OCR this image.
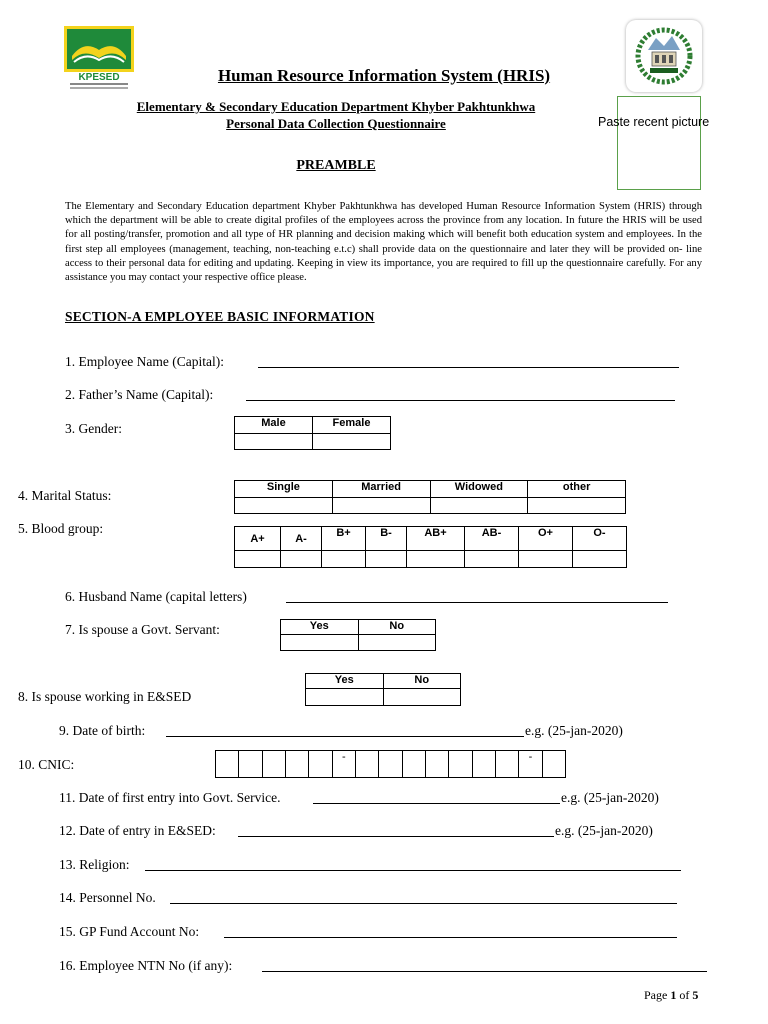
KPESED
Paste recent picture
Human Resource Information System (HRIS)
Elementary & Secondary Education Department Khyber Pakhtunkhwa
Personal Data Collection Questionnaire
PREAMBLE
The Elementary and Secondary Education department Khyber Pakhtunkhwa has developed Human Resource Information System (HRIS) through which the department will be able to create digital profiles of the employees across the province from any location. In future the HRIS will be used for all posting/transfer, promotion and all type of HR planning and decision making which will benefit both education system and employees. In the first step all employees (management, teaching, non-teaching e.t.c) shall provide data on the questionnaire and later they will be provided on- line access to their personal data for editing and updating. Keeping in view its importance, you are required to fill up the questionnaire carefully. For any assistance you may contact your respective office please.
SECTION-A EMPLOYEE BASIC INFORMATION
1. Employee Name (Capital):
2. Father’s Name (Capital):
3. Gender:	Male	Female

4. Marital Status:
Single	Married	Widowed	other

5. Blood group:
A+	A-	B+	B-	AB+	AB-	O+	O-

6. Husband Name (capital letters)
7. Is spouse a Govt. Servant:	Yes	No

8. Is spouse working in E&SED
Yes	No

9. Date of birth:	e.g. (25-jan-2020)
10. CNIC:
						-								-	
11. Date of first entry into Govt. Service.	e.g. (25-jan-2020)
12. Date of entry in E&SED:	e.g. (25-jan-2020)
13. Religion:
14. Personnel No.
15. GP Fund Account No:
16. Employee NTN No (if any):
Page 1 of 5
